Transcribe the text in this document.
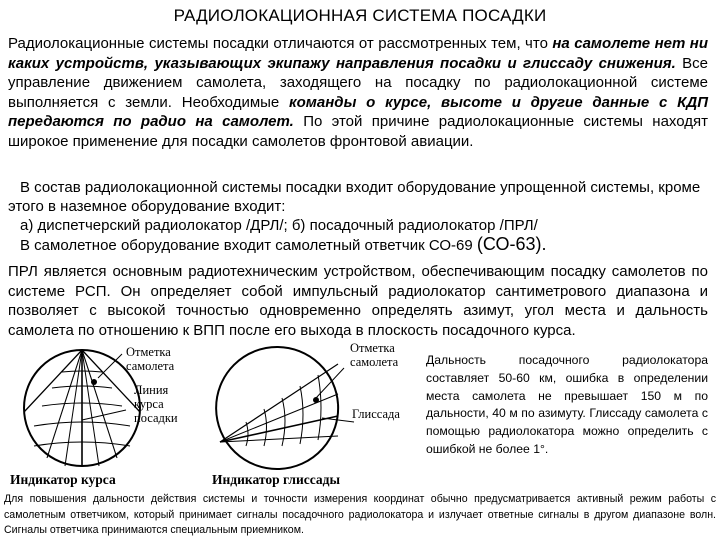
РАДИОЛОКАЦИОННАЯ СИСТЕМА ПОСАДКИ
Радиолокационные системы посадки отличаются от рассмотренных тем, что на самолете нет ни каких устройств, указывающих экипажу направления посадки и глиссаду снижения. Все управление движением самолета, заходящего на посадку по радиолокационной системе выполняется с земли. Необходимые команды о курсе, высоте и другие данные с КДП передаются по радио на самолет. По этой причине радиолокационные системы находят широкое применение для посадки самолетов фронтовой авиации.
В состав радиолокационной системы посадки входит оборудование упрощенной системы, кроме этого в наземное оборудование входит:
а) диспетчерский радиолокатор /ДРЛ/; б) посадочный радиолокатор /ПРЛ/
В самолетное оборудование входит самолетный ответчик СО-69 (СО-63).
ПРЛ является основным радиотехническим устройством, обеспечивающим посадку самолетов по системе РСП. Он определяет собой импульсный радиолокатор сантиметрового диапазона и позволяет с высокой точностью одновременно определять азимут, угол места и дальность самолета по отношению к ВПП после его выхода в плоскость посадочного курса.
Отметка
самолета
Линия
курса
посадки
Индикатор курса
Отметка
самолета
Глиссада
Индикатор глиссады
Дальность посадочного радиолокатора составляет 50-60 км, ошибка в определении места самолета не превышает 150 м по дальности, 40 м по азимуту. Глиссаду самолета с помощью радиолокатора можно определить с ошибкой не более 1°.
Для повышения дальности действия системы и точности измерения координат обычно предусматривается активный режим работы с самолетным ответчиком, который принимает сигналы посадочного радиолокатора и излучает ответные сигналы в другом диапазоне волн. Сигналы ответчика принимаются специальным приемником.
